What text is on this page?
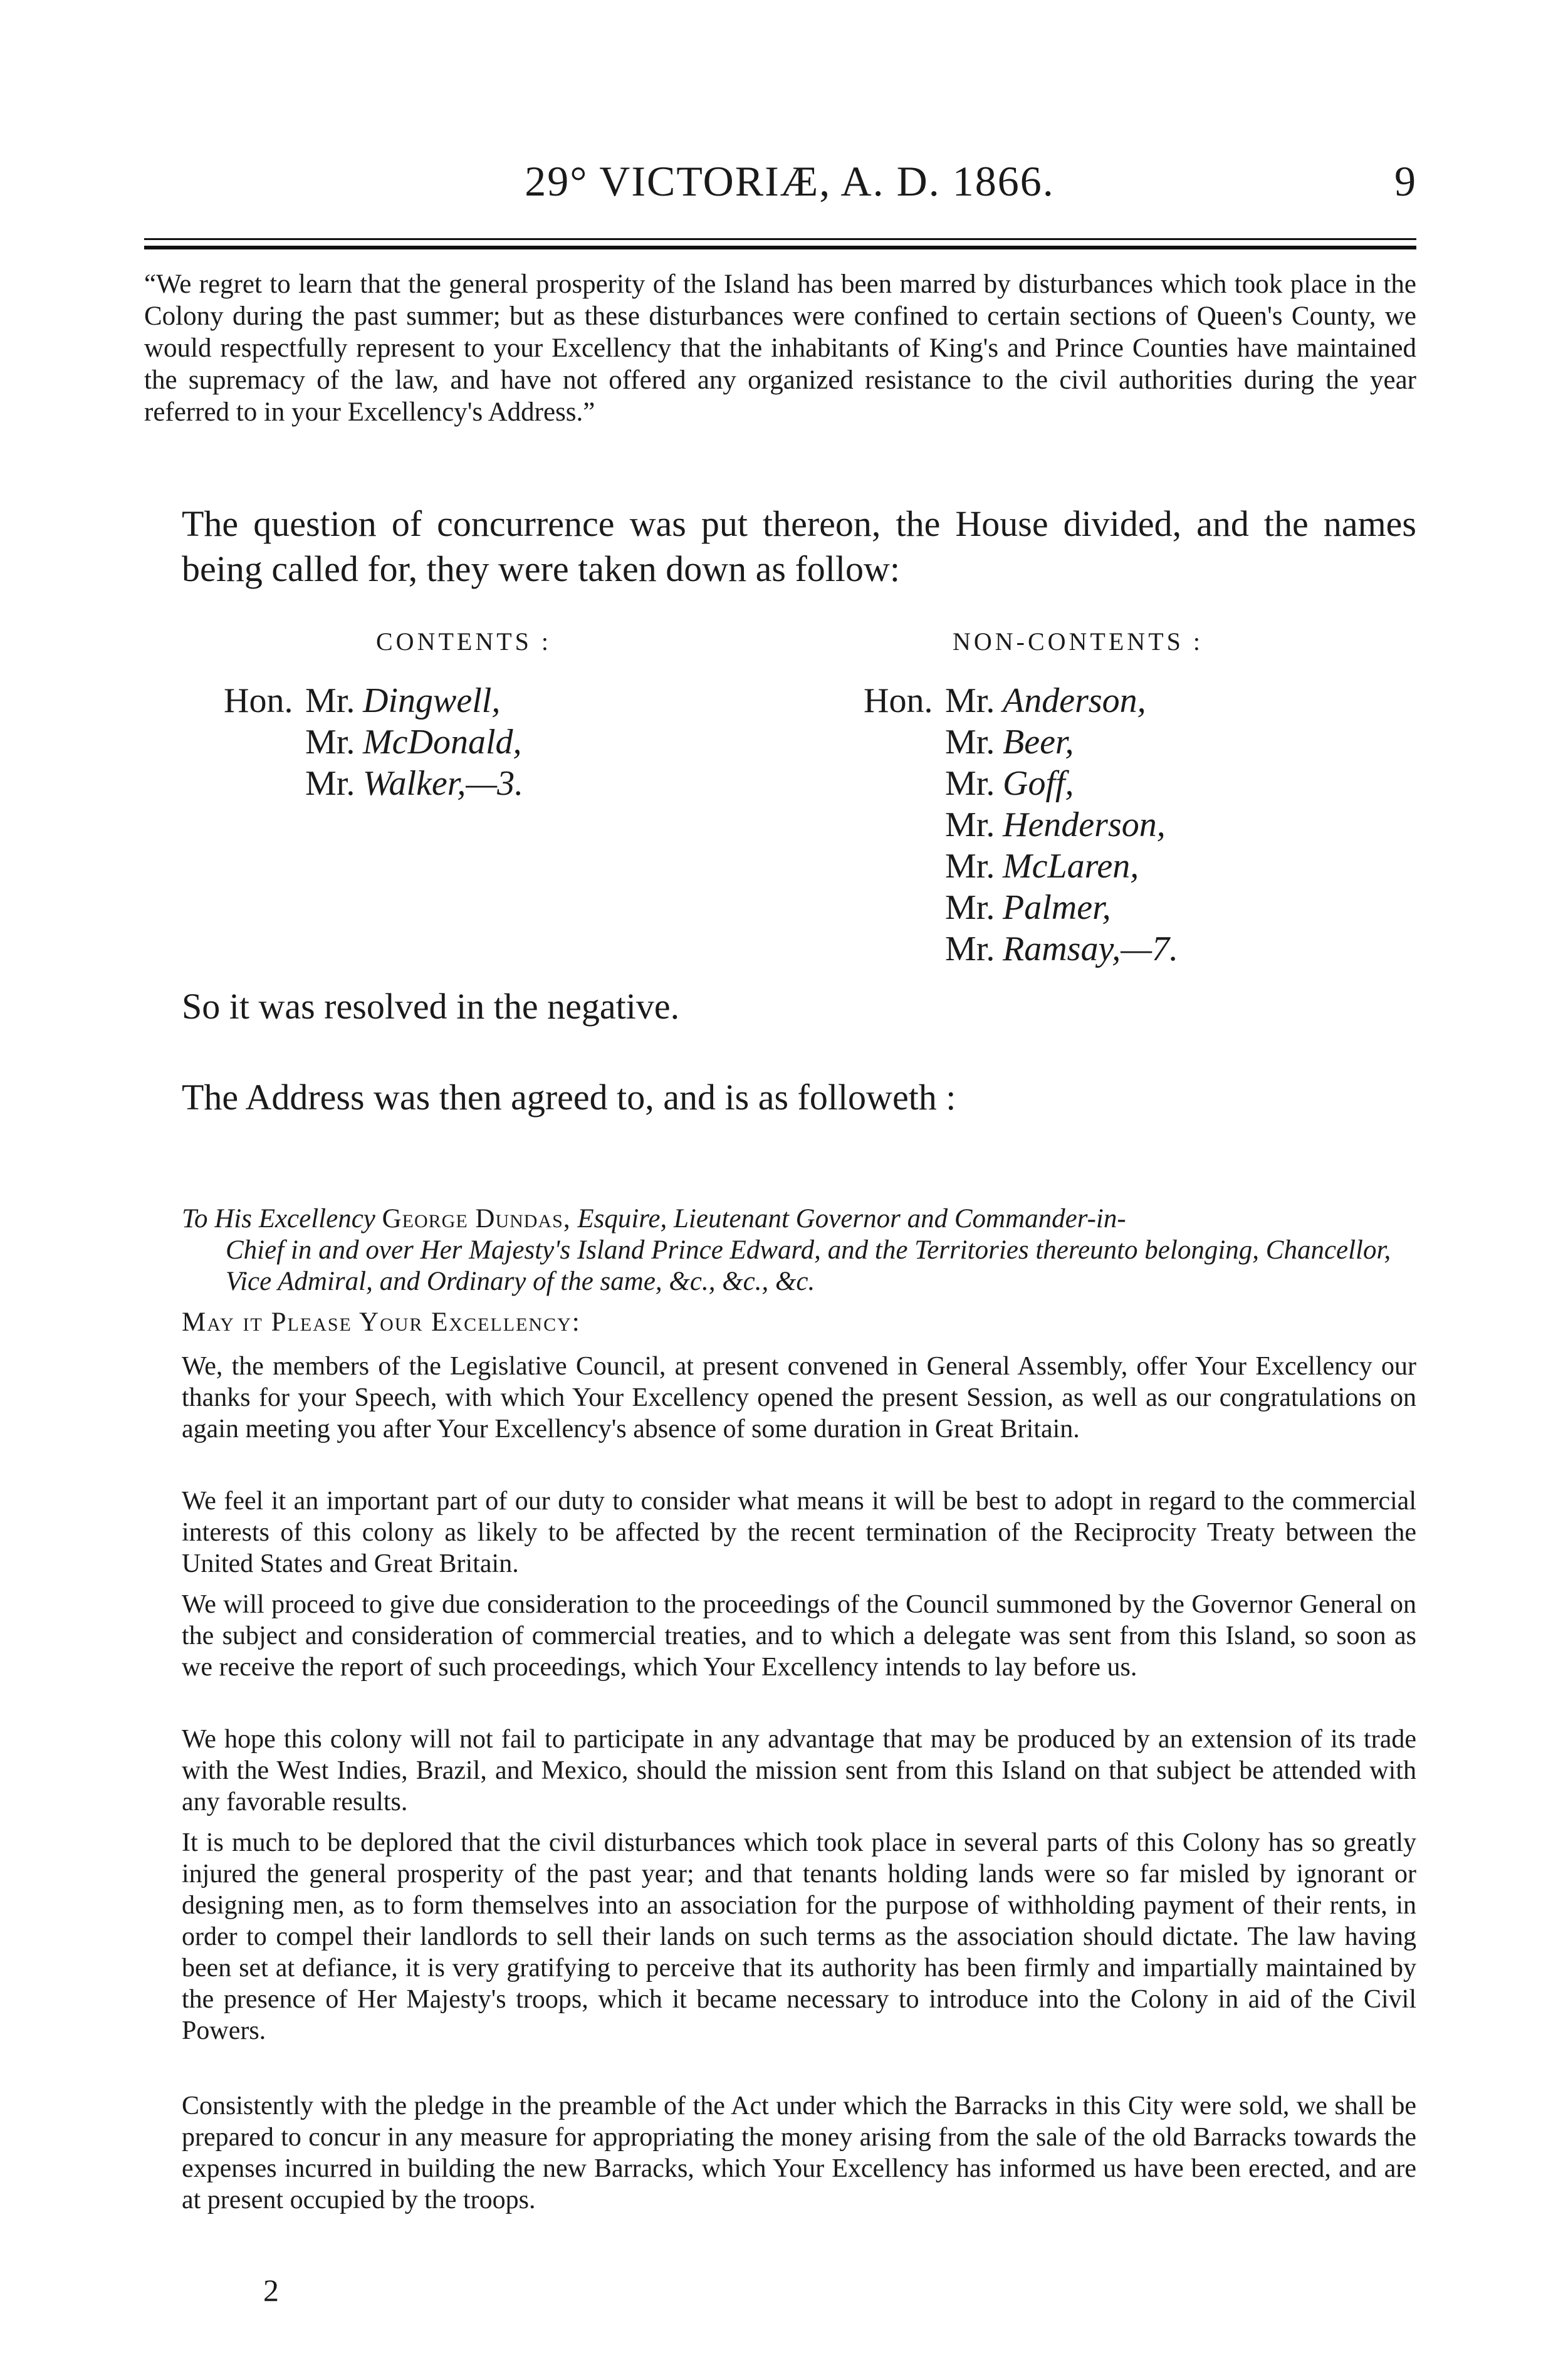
29° VICTORIÆ, A. D. 1866.	9

“We regret to learn that the general prosperity of the Island has been marred by disturbances which took place in the Colony during the past summer; but as these disturbances were confined to certain sections of Queen's County, we would respectfully represent to your Excellency that the inhabitants of King's and Prince Counties have maintained the supremacy of the law, and have not offered any organized resistance to the civil authorities during the year referred to in your Excellency's Address.”

The question of concurrence was put thereon, the House divided, and the names being called for, they were taken down as follow:

CONTENTS :	NON-CONTENTS :
Hon. Mr. Dingwell,
Mr. McDonald,
Mr. Walker,—3.
Hon. Mr. Anderson,
Mr. Beer,
Mr. Goff,
Mr. Henderson,
Mr. McLaren,
Mr. Palmer,
Mr. Ramsay,—7.

So it was resolved in the negative.

The Address was then agreed to, and is as followeth :

To His Excellency George Dundas, Esquire, Lieutenant Governor and Commander-in-
Chief in and over Her Majesty's Island Prince Edward, and the Territories thereunto belonging, Chancellor, Vice Admiral, and Ordinary of the same, &c., &c., &c.

May it Please Your Excellency:

We, the members of the Legislative Council, at present convened in General Assembly, offer Your Excellency our thanks for your Speech, with which Your Excellency opened the present Session, as well as our congratulations on again meeting you after Your Excellency's absence of some duration in Great Britain.

We feel it an important part of our duty to consider what means it will be best to adopt in regard to the commercial interests of this colony as likely to be affected by the recent termination of the Reciprocity Treaty between the United States and Great Britain.

We will proceed to give due consideration to the proceedings of the Council summoned by the Governor General on the subject and consideration of commercial treaties, and to which a delegate was sent from this Island, so soon as we receive the report of such proceedings, which Your Excellency intends to lay before us.

We hope this colony will not fail to participate in any advantage that may be produced by an extension of its trade with the West Indies, Brazil, and Mexico, should the mission sent from this Island on that subject be attended with any favorable results.

It is much to be deplored that the civil disturbances which took place in several parts of this Colony has so greatly injured the general prosperity of the past year; and that tenants holding lands were so far misled by ignorant or designing men, as to form themselves into an association for the purpose of withholding payment of their rents, in order to compel their landlords to sell their lands on such terms as the association should dictate. The law having been set at defiance, it is very gratifying to perceive that its authority has been firmly and impartially maintained by the presence of Her Majesty's troops, which it became necessary to introduce into the Colony in aid of the Civil Powers.

Consistently with the pledge in the preamble of the Act under which the Barracks in this City were sold, we shall be prepared to concur in any measure for appropriating the money arising from the sale of the old Barracks towards the expenses incurred in building the new Barracks, which Your Excellency has informed us have been erected, and are at present occupied by the troops.

2
